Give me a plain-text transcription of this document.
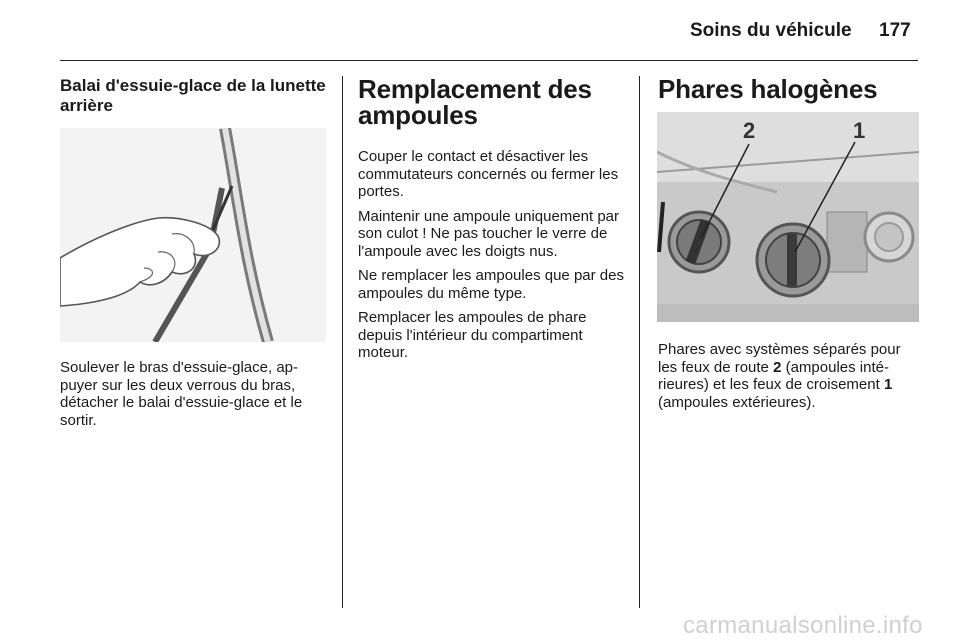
Soins du véhicule 177
Balai d'essuie-glace de la lunette arrière

Soulever le bras d'essuie-glace, ap-puyer sur les deux verrous du bras, détacher le balai d'essuie-glace et le sortir.

Remplacement des ampoules

Couper le contact et désactiver les commutateurs concernés ou fermer les portes.

Maintenir une ampoule uniquement par son culot ! Ne pas toucher le verre de l'ampoule avec les doigts nus.

Ne remplacer les ampoules que par des ampoules du même type.

Remplacer les ampoules de phare depuis l'intérieur du compartiment moteur.

Phares halogènes
2	1

Phares avec systèmes séparés pour les feux de route 2 (ampoules inté-rieures) et les feux de croisement 1 (ampoules extérieures).

carmanualsonline.info
